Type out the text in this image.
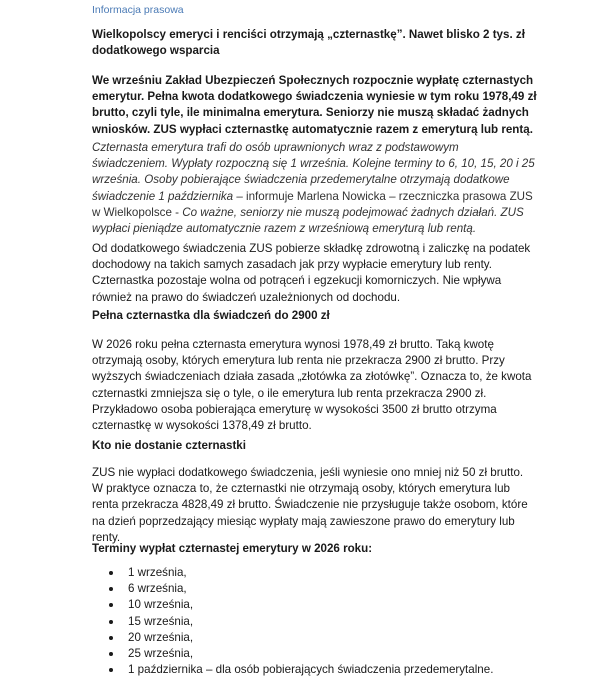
Informacja prasowa
Wielkopolscy emeryci i renciści otrzymają „czternastkę”. Nawet blisko 2 tys. zł dodatkowego wsparcia
We wrześniu Zakład Ubezpieczeń Społecznych rozpocznie wypłatę czternastych emerytur. Pełna kwota dodatkowego świadczenia wyniesie w tym roku 1978,49 zł brutto, czyli tyle, ile minimalna emerytura. Seniorzy nie muszą składać żadnych wniosków. ZUS wypłaci czternastkę automatycznie razem z emeryturą lub rentą.
Czternasta emerytura trafi do osób uprawnionych wraz z podstawowym świadczeniem. Wypłaty rozpoczną się 1 września. Kolejne terminy to 6, 10, 15, 20 i 25 września. Osoby pobierające świadczenia przedemerytalne otrzymają dodatkowe świadczenie 1 października – informuje Marlena Nowicka – rzeczniczka prasowa ZUS w Wielkopolsce - Co ważne, seniorzy nie muszą podejmować żadnych działań. ZUS wypłaci pieniądze automatycznie razem z wrześniową emeryturą lub rentą.
Od dodatkowego świadczenia ZUS pobierze składkę zdrowotną i zaliczkę na podatek dochodowy na takich samych zasadach jak przy wypłacie emerytury lub renty. Czternastka pozostaje wolna od potrąceń i egzekucji komorniczych. Nie wpływa również na prawo do świadczeń uzależnionych od dochodu.
Pełna czternastka dla świadczeń do 2900 zł
W 2026 roku pełna czternasta emerytura wynosi 1978,49 zł brutto. Taką kwotę otrzymają osoby, których emerytura lub renta nie przekracza 2900 zł brutto. Przy wyższych świadczeniach działa zasada „złotówka za złotówkę”. Oznacza to, że kwota czternastki zmniejsza się o tyle, o ile emerytura lub renta przekracza 2900 zł. Przykładowo osoba pobierająca emeryturę w wysokości 3500 zł brutto otrzyma czternastkę w wysokości 1378,49 zł brutto.
Kto nie dostanie czternastki
ZUS nie wypłaci dodatkowego świadczenia, jeśli wyniesie ono mniej niż 50 zł brutto. W praktyce oznacza to, że czternastki nie otrzymają osoby, których emerytura lub renta przekracza 4828,49 zł brutto. Świadczenie nie przysługuje także osobom, które na dzień poprzedzający miesiąc wypłaty mają zawieszone prawo do emerytury lub renty.
Terminy wypłat czternastej emerytury w 2026 roku:
1 września,
6 września,
10 września,
15 września,
20 września,
25 września,
1 października – dla osób pobierających świadczenia przedemerytalne.
